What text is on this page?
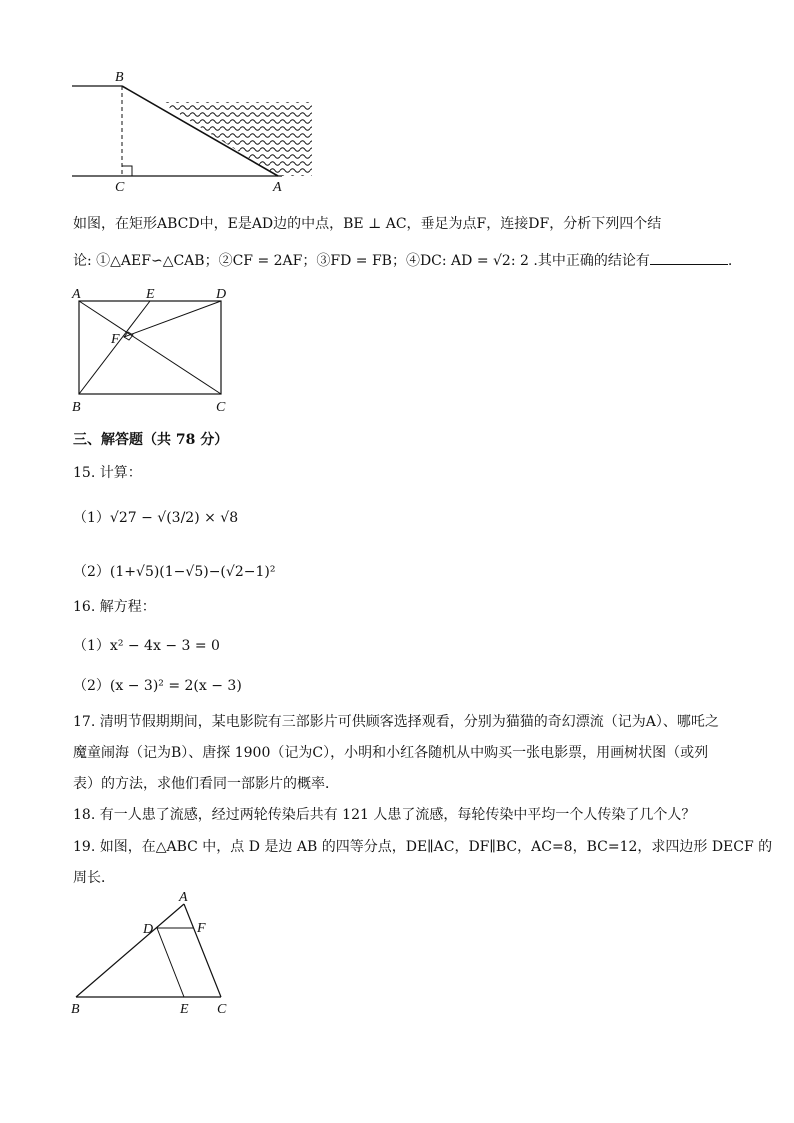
B
C	A
如图，在矩形ABCD中，E是AD边的中点，BE ⊥ AC，垂足为点F，连接DF，分析下列四个结
论: ①△AEF∽△CAB；②CF = 2AF；③FD = FB；④DC: AD = √2: 2 .其中正确的结论有	.
A	E	D
F
B	C
三、解答题（共 78 分）
15. 计算：
（1）√27 − √(3/2) × √8
（2）(1+√5)(1−√5)−(√2−1)²
16. 解方程：
（1）x² − 4x − 3 = 0
（2）(x − 3)² = 2(x − 3)
17. 清明节假期期间，某电影院有三部影片可供顾客选择观看，分别为猫猫的奇幻漂流（记为A）、哪吒之
魔童闹海（记为B）、唐探 1900（记为C），小明和小红各随机从中购买一张电影票，用画树状图（或列
表）的方法，求他们看同一部影片的概率．
18. 有一人患了流感，经过两轮传染后共有 121 人患了流感，每轮传染中平均一个人传染了几个人？
19. 如图，在△ABC 中，点 D 是边 AB 的四等分点，DE∥AC，DF∥BC，AC=8，BC=12，求四边形 DECF 的
周长．
A
D	F
B	E C
